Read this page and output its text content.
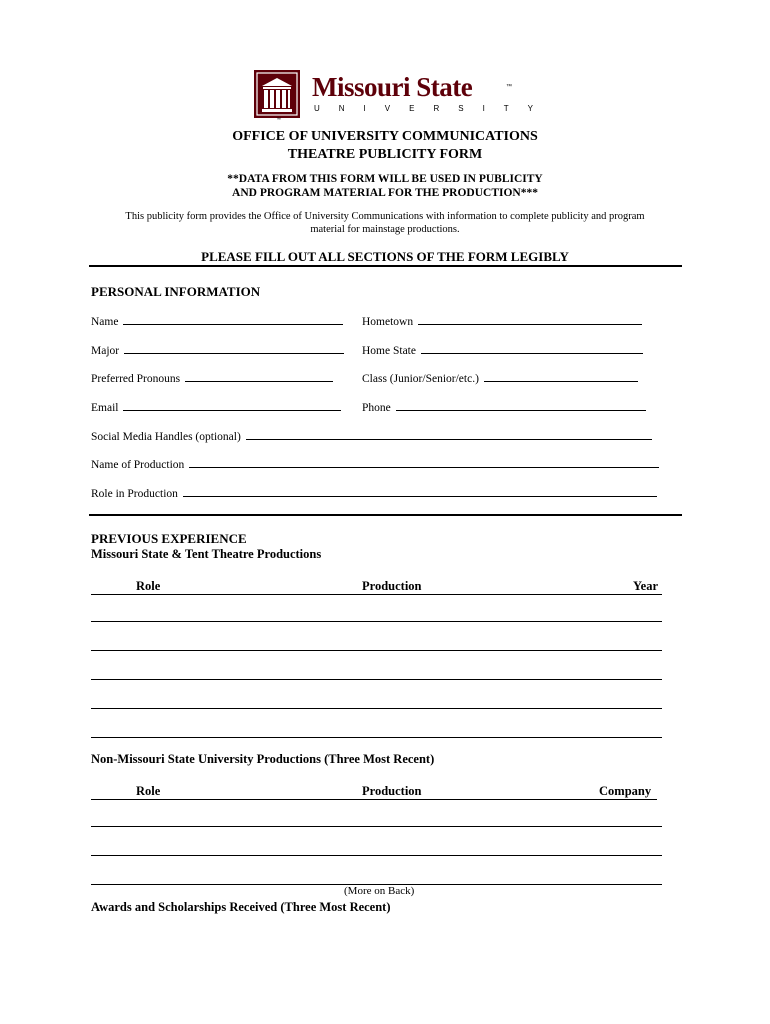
Missouri State	™
UNIVERSITY
™
OFFICE OF UNIVERSITY COMMUNICATIONS
THEATRE PUBLICITY FORM
**DATA FROM THIS FORM WILL BE USED IN PUBLICITY
AND PROGRAM MATERIAL FOR THE PRODUCTION***
This publicity form provides the Office of University Communications with information to complete publicity and program
material for mainstage productions.
PLEASE FILL OUT ALL SECTIONS OF THE FORM LEGIBLY
PERSONAL INFORMATION
Name	Hometown
Major	Home State
Preferred Pronouns	Class (Junior/Senior/etc.)
Email	Phone
Social Media Handles (optional)
Name of Production
Role in Production
PREVIOUS EXPERIENCE
Missouri State & Tent Theatre Productions
Role	Production	Year
Non-Missouri State University Productions (Three Most Recent)
Role	Production	Company
(More on Back)
Awards and Scholarships Received (Three Most Recent)
